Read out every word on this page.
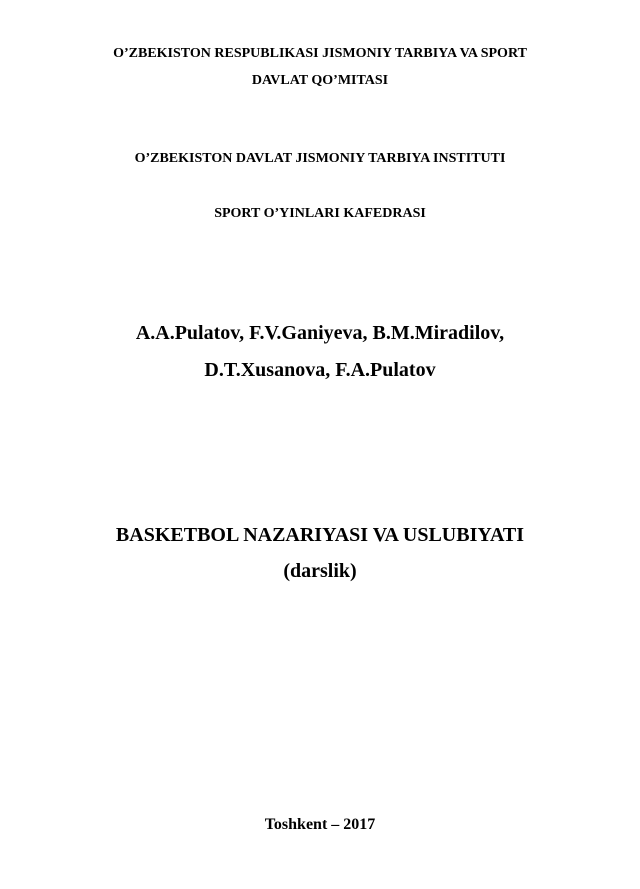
O’ZBEKISTON RESPUBLIKASI JISMONIY TARBIYA VA SPORT
DAVLAT QO’MITASI
O’ZBEKISTON DAVLAT JISMONIY TARBIYA INSTITUTI
SPORT O’YINLARI KAFEDRASI
A.A.Pulatov, F.V.Ganiyeva, B.M.Miradilov,
D.T.Xusanova, F.A.Pulatov
BASKETBOL NAZARIYASI VA USLUBIYATI
(darslik)
Toshkent – 2017
